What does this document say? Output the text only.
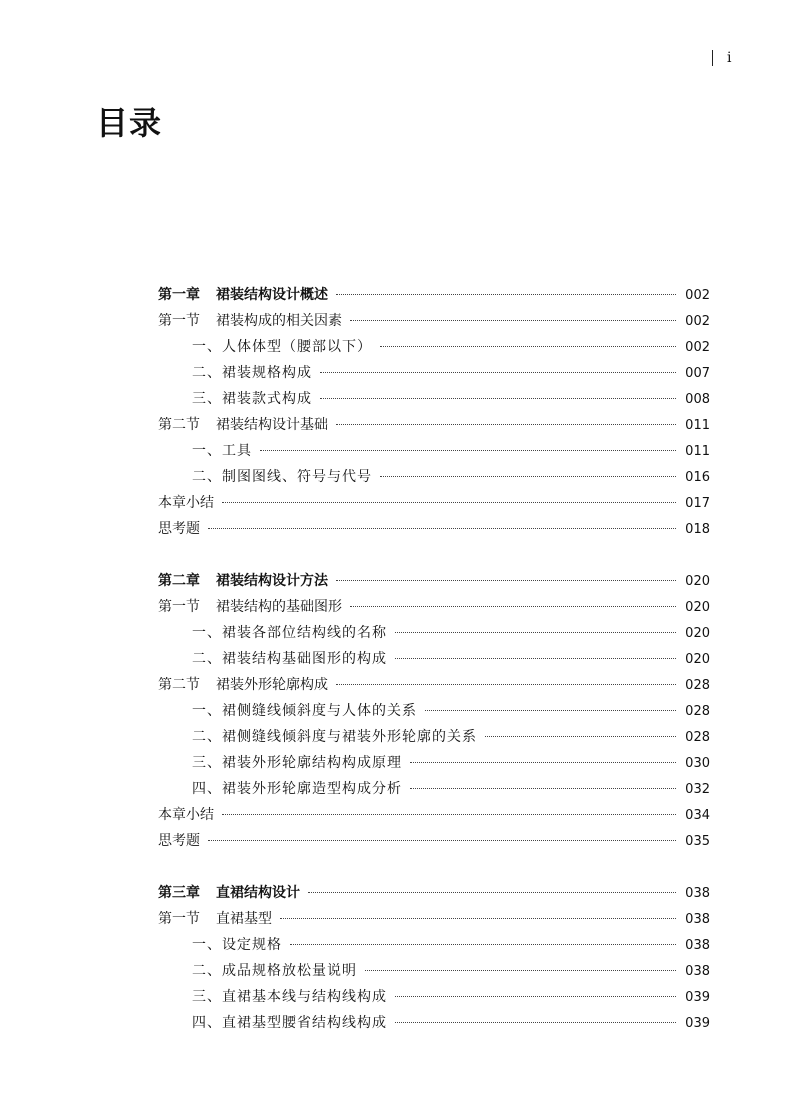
i
目录
第一章 裙装结构设计概述	002
第一节 裙装构成的相关因素	002
一、人体体型（腰部以下）	002
二、裙装规格构成	007
三、裙装款式构成	008
第二节 裙装结构设计基础	011
一、工具	011
二、制图图线、符号与代号	016
本章小结	017
思考题	018
第二章 裙装结构设计方法	020
第一节 裙装结构的基础图形	020
一、裙装各部位结构线的名称	020
二、裙装结构基础图形的构成	020
第二节 裙装外形轮廓构成	028
一、裙侧缝线倾斜度与人体的关系	028
二、裙侧缝线倾斜度与裙装外形轮廓的关系	028
三、裙装外形轮廓结构构成原理	030
四、裙装外形轮廓造型构成分析	032
本章小结	034
思考题	035
第三章 直裙结构设计	038
第一节 直裙基型	038
一、设定规格	038
二、成品规格放松量说明	038
三、直裙基本线与结构线构成	039
四、直裙基型腰省结构线构成	039
